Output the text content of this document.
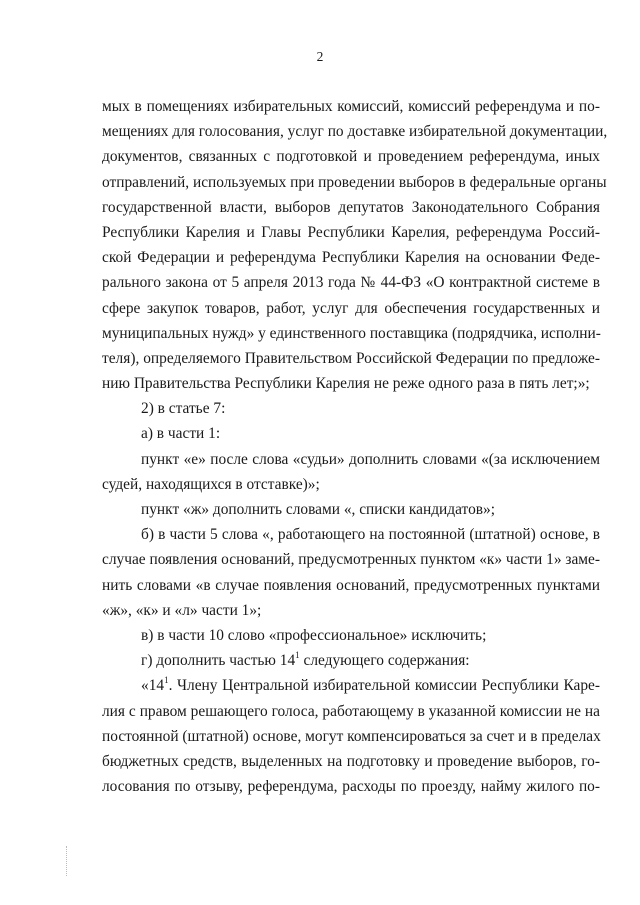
2
мых в помещениях избирательных комиссий, комиссий референдума и по-
мещениях для голосования, услуг по доставке избирательной документации,
документов, связанных с подготовкой и проведением референдума, иных
отправлений, используемых при проведении выборов в федеральные органы
государственной власти, выборов депутатов Законодательного Собрания
Республики Карелия и Главы Республики Карелия, референдума Россий-
ской Федерации и референдума Республики Карелия на основании Феде-
рального закона от 5 апреля 2013 года № 44-ФЗ «О контрактной системе в
сфере закупок товаров, работ, услуг для обеспечения государственных и
муниципальных нужд» у единственного поставщика (подрядчика, исполни-
теля), определяемого Правительством Российской Федерации по предложе-
нию Правительства Республики Карелия не реже одного раза в пять лет;»;
2) в статье 7:
а) в части 1:
пункт «е» после слова «судьи» дополнить словами «(за исключением
судей, находящихся в отставке)»;
пункт «ж» дополнить словами «, списки кандидатов»;
б) в части 5 слова «, работающего на постоянной (штатной) основе, в
случае появления оснований, предусмотренных пунктом «к» части 1» заме-
нить словами «в случае появления оснований, предусмотренных пунктами
«ж», «к» и «л» части 1»;
в) в части 10 слово «профессиональное» исключить;
г) дополнить частью $14^1$ следующего содержания:
«$14^1$. Члену Центральной избирательной комиссии Республики Каре-
лия с правом решающего голоса, работающему в указанной комиссии не на
постоянной (штатной) основе, могут компенсироваться за счет и в пределах
бюджетных средств, выделенных на подготовку и проведение выборов, го-
лосования по отзыву, референдума, расходы по проезду, найму жилого по-
